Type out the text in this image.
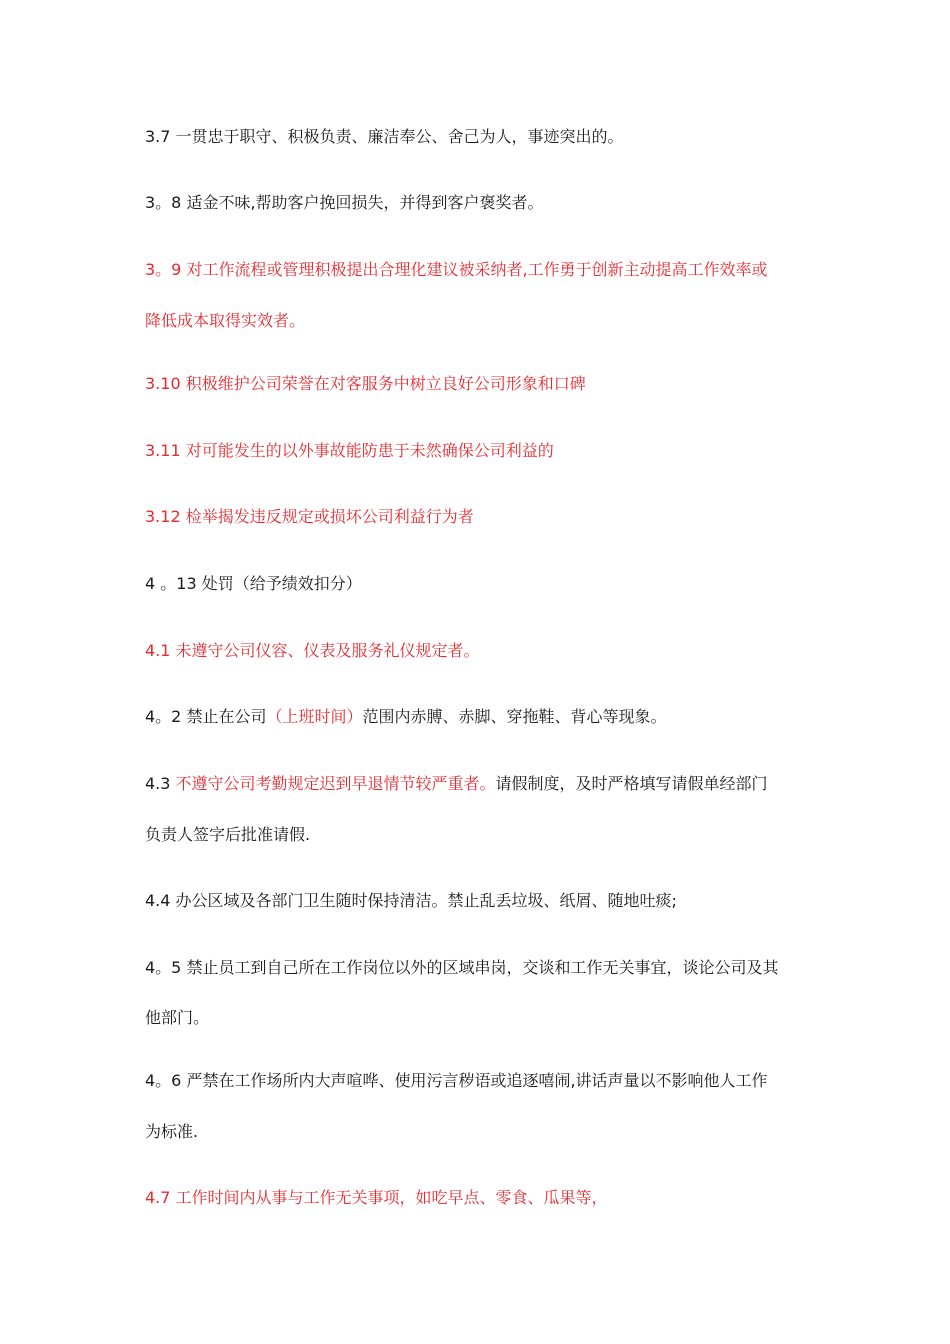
3.7 一贯忠于职守、积极负责、廉洁奉公、舍己为人，事迹突出的。
3。8 适金不味,帮助客户挽回损失，并得到客户褒奖者。
3。9 对工作流程或管理积极提出合理化建议被采纳者,工作勇于创新主动提高工作效率或
降低成本取得实效者。
3.10 积极维护公司荣誉在对客服务中树立良好公司形象和口碑
3.11 对可能发生的以外事故能防患于未然确保公司利益的
3.12 检举揭发违反规定或损坏公司利益行为者
4 。13 处罚（给予绩效扣分）
4.1 未遵守公司仪容、仪表及服务礼仪规定者。
4。2 禁止在公司（上班时间）范围内赤膊、赤脚、穿拖鞋、背心等现象。
4.3 不遵守公司考勤规定迟到早退情节较严重者。请假制度，及时严格填写请假单经部门
负责人签字后批准请假.
4.4 办公区域及各部门卫生随时保持清洁。禁止乱丢垃圾、纸屑、随地吐痰;
4。5 禁止员工到自己所在工作岗位以外的区域串岗，交谈和工作无关事宜，谈论公司及其
他部门。
4。6 严禁在工作场所内大声喧哗、使用污言秽语或追逐嘻闹,讲话声量以不影响他人工作
为标准.
4.7 工作时间内从事与工作无关事项，如吃早点、零食、瓜果等，
